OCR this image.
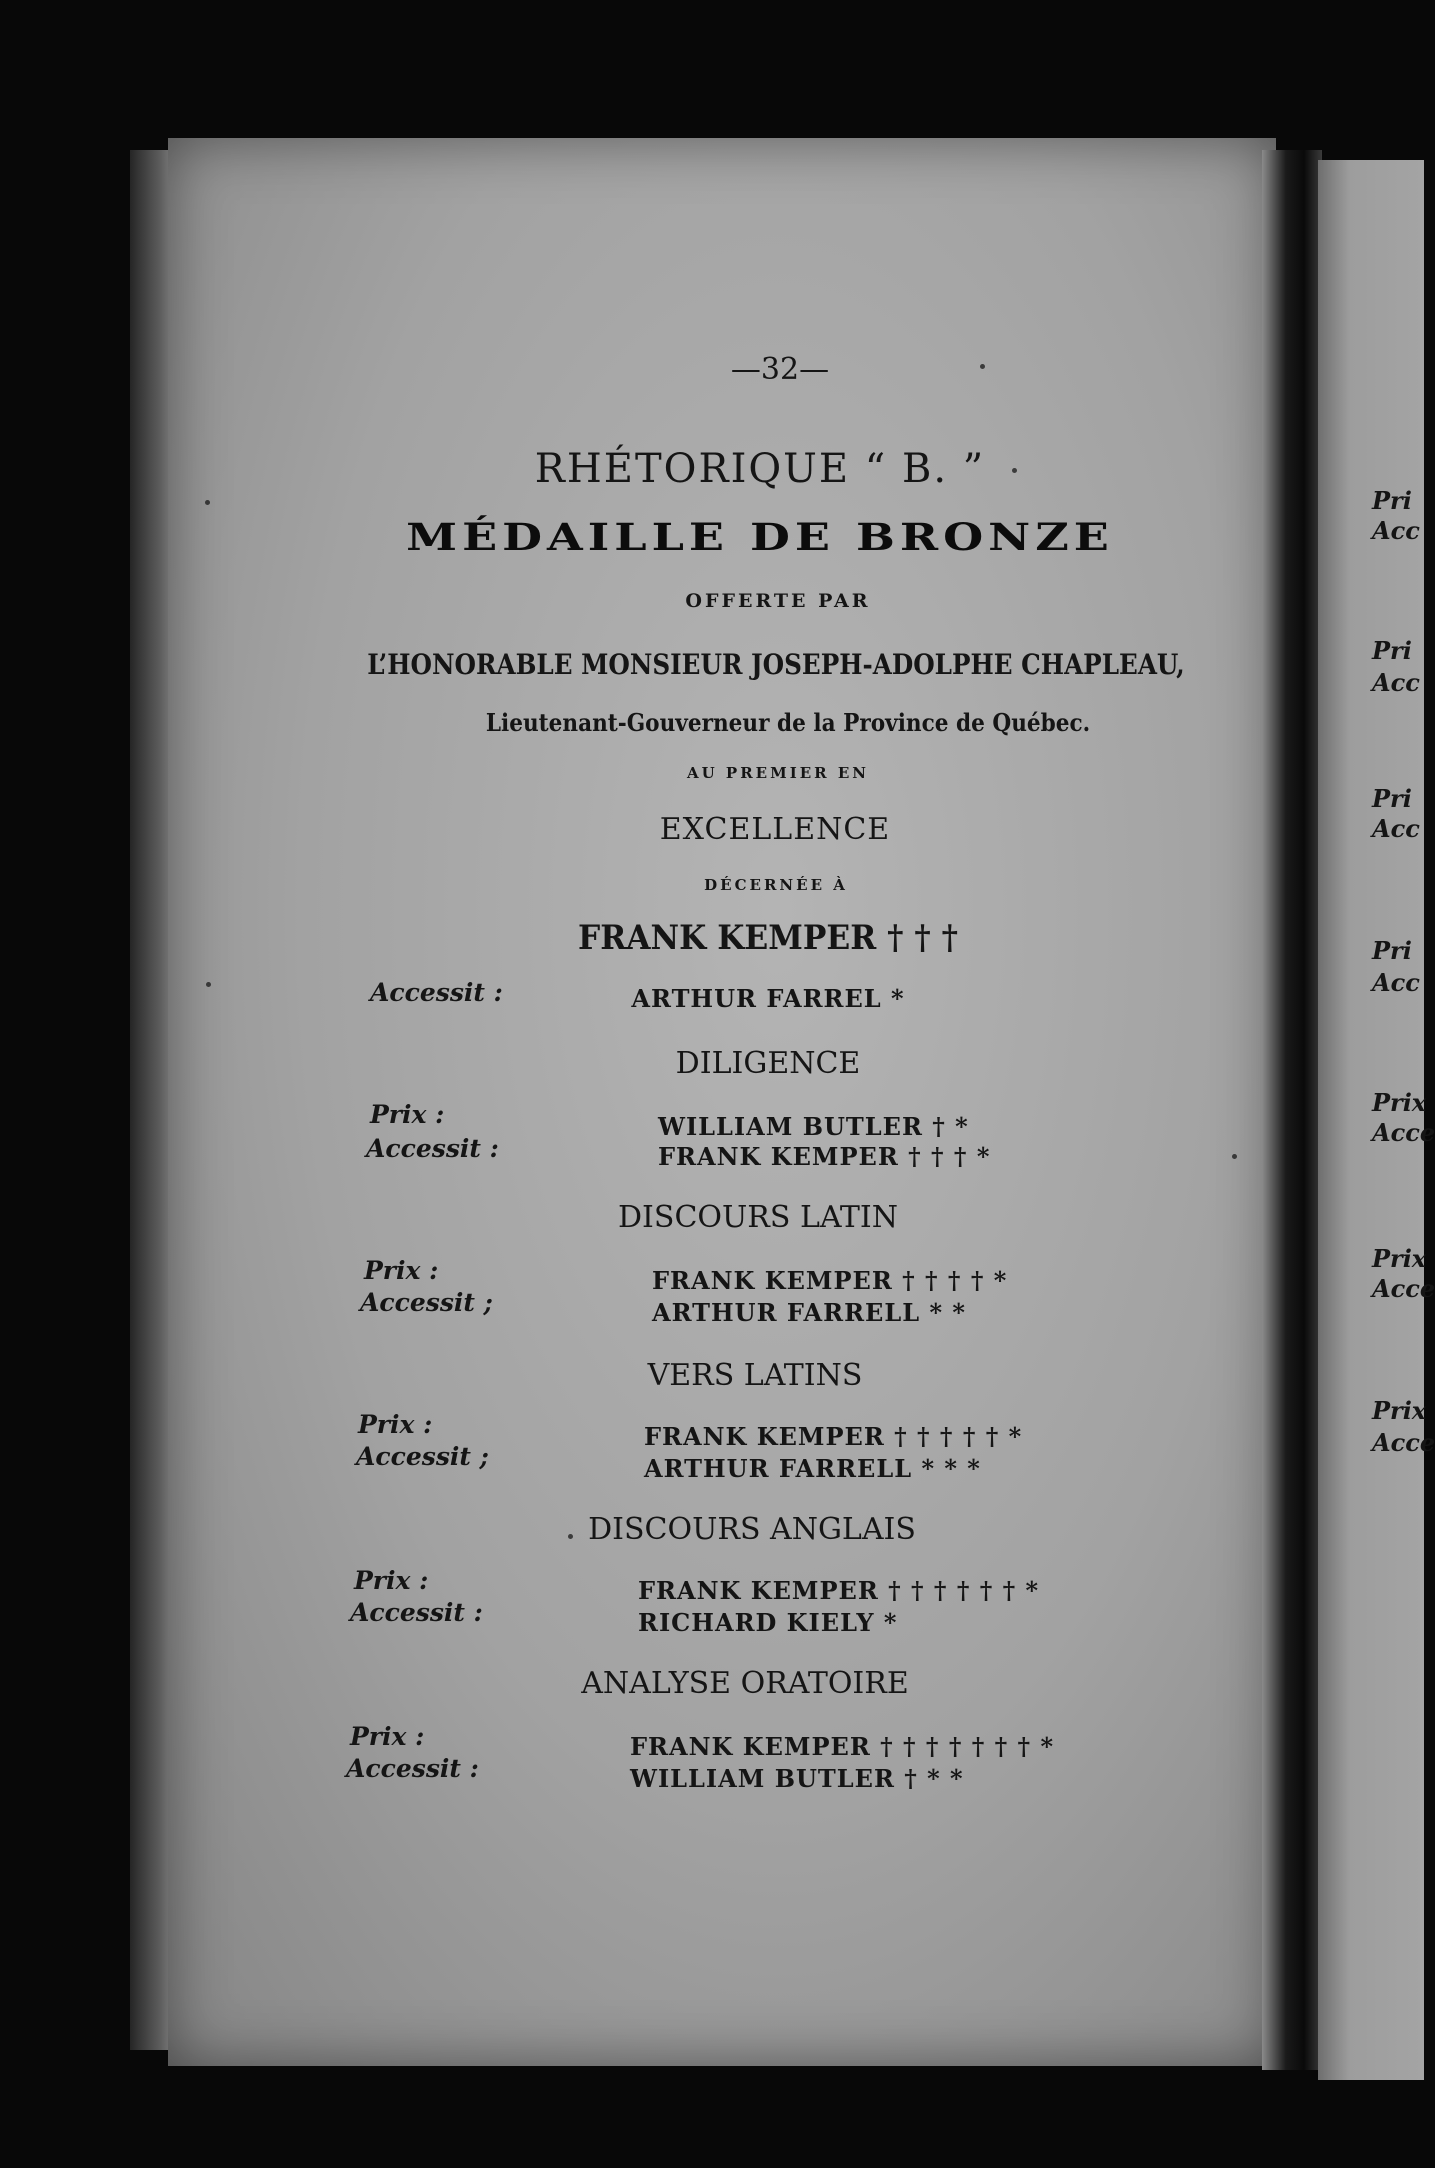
—32—
RHÉTORIQUE “ B. ”
MÉDAILLE DE BRONZE
OFFERTE PAR
L’HONORABLE MONSIEUR JOSEPH-ADOLPHE CHAPLEAU,
Lieutenant-Gouverneur de la Province de Québec.
AU PREMIER EN
EXCELLENCE
DÉCERNÉE À
FRANK KEMPER † † †
Accessit :	ARTHUR FARREL *
DILIGENCE
Prix :
Accessit :
WILLIAM BUTLER † *
FRANK KEMPER † † † *
DISCOURS LATIN
Prix :
Accessit ;
FRANK KEMPER † † † † *
ARTHUR FARRELL * *
VERS LATINS
Prix :
Accessit ;
FRANK KEMPER † † † † † *
ARTHUR FARRELL * * *
DISCOURS ANGLAIS
Prix :
Accessit :
FRANK KEMPER † † † † † † *
RICHARD KIELY *
ANALYSE ORATOIRE
Prix :
Accessit :
FRANK KEMPER † † † † † † † *
WILLIAM BUTLER † * *
Pri
Acc
Pri
Acc
Pri
Acc
Pri
Acc
Prix
Acce
Prix
Acce
Prix
Acce
